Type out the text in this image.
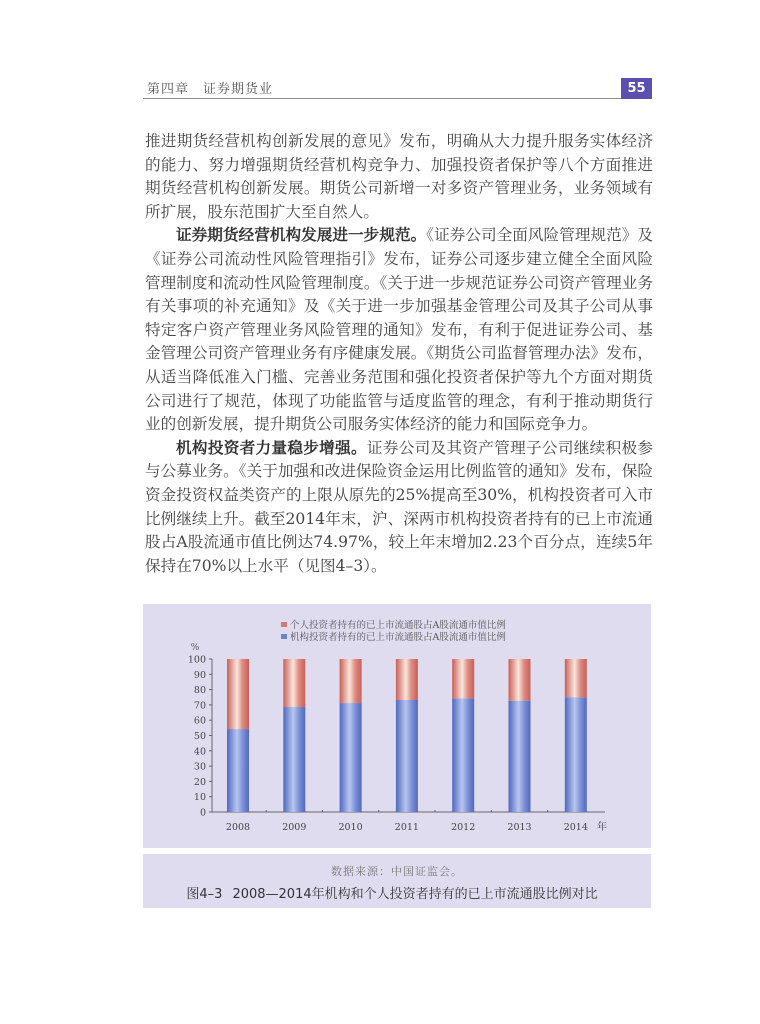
第四章 证券期货业	55

推进期货经营机构创新发展的意见》发布，明确从大力提升服务实体经济的能力、努力增强期货经营机构竞争力、加强投资者保护等八个方面推进期货经营机构创新发展。期货公司新增一对多资产管理业务，业务领域有所扩展，股东范围扩大至自然人。

证券期货经营机构发展进一步规范。《证券公司全面风险管理规范》及《证券公司流动性风险管理指引》发布，证券公司逐步建立健全全面风险管理制度和流动性风险管理制度。《关于进一步规范证券公司资产管理业务有关事项的补充通知》及《关于进一步加强基金管理公司及其子公司从事特定客户资产管理业务风险管理的通知》发布，有利于促进证券公司、基金管理公司资产管理业务有序健康发展。《期货公司监督管理办法》发布，从适当降低准入门槛、完善业务范围和强化投资者保护等九个方面对期货公司进行了规范，体现了功能监管与适度监管的理念，有利于推动期货行业的创新发展，提升期货公司服务实体经济的能力和国际竞争力。

机构投资者力量稳步增强。证券公司及其资产管理子公司继续积极参与公募业务。《关于加强和改进保险资金运用比例监管的通知》发布，保险资金投资权益类资产的上限从原先的25%提高至30%，机构投资者可入市比例继续上升。截至2014年末，沪、深两市机构投资者持有的已上市流通股占A股流通市值比例达74.97%，较上年末增加2.23个百分点，连续5年保持在70%以上水平（见图4–3）。

个人投资者持有的已上市流通股占A股流通市值比例
机构投资者持有的已上市流通股占A股流通市值比例
%
0
10
20
30
40
50
60
70
80
90
100
年
2008	2009	2010	2011	2012	2013	2014
数据来源：中国证监会。
图4–3 2008—2014年机构和个人投资者持有的已上市流通股比例对比
